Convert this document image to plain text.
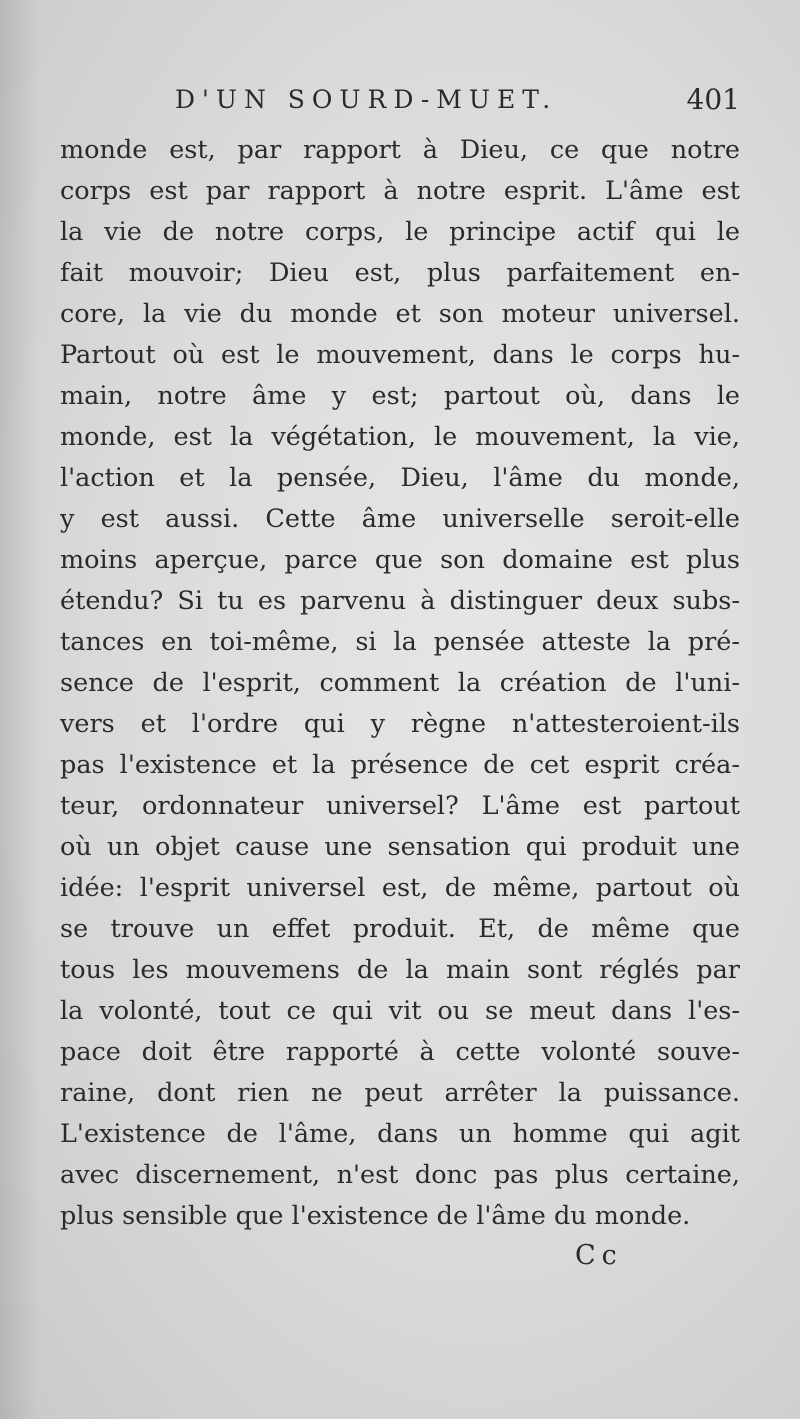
D'UN SOURD-MUET.	401
monde est, par rapport à Dieu, ce que notre
corps est par rapport à notre esprit. L'âme est
la vie de notre corps, le principe actif qui le
fait mouvoir; Dieu est, plus parfaitement en-
core, la vie du monde et son moteur universel.
Partout où est le mouvement, dans le corps hu-
main, notre âme y est; partout où, dans le
monde, est la végétation, le mouvement, la vie,
l'action et la pensée, Dieu, l'âme du monde,
y est aussi. Cette âme universelle seroit-elle
moins aperçue, parce que son domaine est plus
étendu? Si tu es parvenu à distinguer deux subs-
tances en toi-même, si la pensée atteste la pré-
sence de l'esprit, comment la création de l'uni-
vers et l'ordre qui y règne n'attesteroient-ils
pas l'existence et la présence de cet esprit créa-
teur, ordonnateur universel? L'âme est partout
où un objet cause une sensation qui produit une
idée: l'esprit universel est, de même, partout où
se trouve un effet produit. Et, de même que
tous les mouvemens de la main sont réglés par
la volonté, tout ce qui vit ou se meut dans l'es-
pace doit être rapporté à cette volonté souve-
raine, dont rien ne peut arrêter la puissance.
L'existence de l'âme, dans un homme qui agit
avec discernement, n'est donc pas plus certaine,
plus sensible que l'existence de l'âme du monde.
Cc
